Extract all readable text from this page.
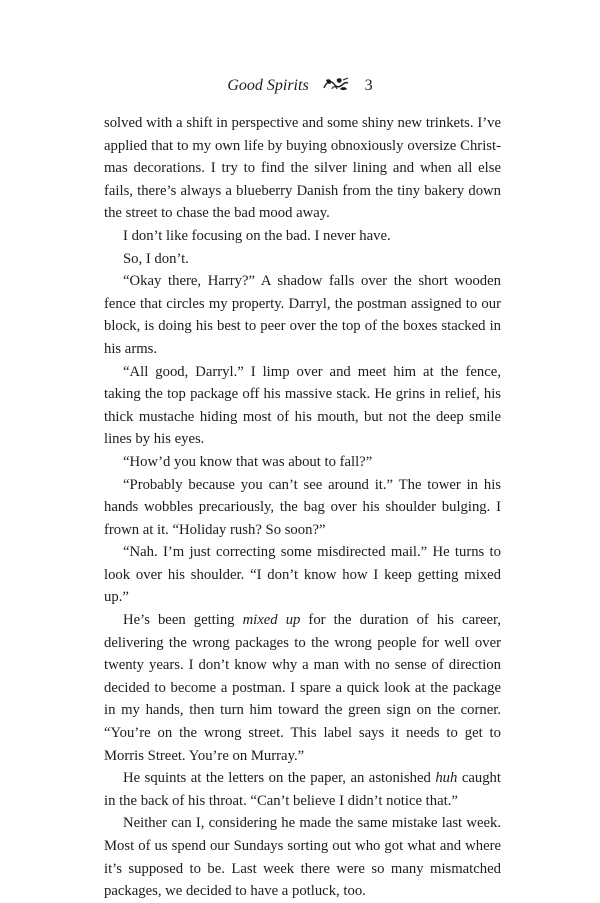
Good Spirits	3

solved with a shift in perspective and some shiny new trinkets. I’ve applied that to my own life by buying obnoxiously oversize Christmas decorations. I try to find the silver lining and when all else fails, there’s always a blueberry Danish from the tiny bakery down the street to chase the bad mood away.

I don’t like focusing on the bad. I never have.

So, I don’t.

“Okay there, Harry?” A shadow falls over the short wooden fence that circles my property. Darryl, the postman assigned to our block, is doing his best to peer over the top of the boxes stacked in his arms.

“All good, Darryl.” I limp over and meet him at the fence, taking the top package off his massive stack. He grins in relief, his thick mustache hiding most of his mouth, but not the deep smile lines by his eyes.

“How’d you know that was about to fall?”

“Probably because you can’t see around it.” The tower in his hands wobbles precariously, the bag over his shoulder bulging. I frown at it. “Holiday rush? So soon?”

“Nah. I’m just correcting some misdirected mail.” He turns to look over his shoulder. “I don’t know how I keep getting mixed up.”

He’s been getting mixed up for the duration of his career, delivering the wrong packages to the wrong people for well over twenty years. I don’t know why a man with no sense of direction decided to become a postman. I spare a quick look at the package in my hands, then turn him toward the green sign on the corner. “You’re on the wrong street. This label says it needs to get to Morris Street. You’re on Murray.”

He squints at the letters on the paper, an astonished huh caught in the back of his throat. “Can’t believe I didn’t notice that.”

Neither can I, considering he made the same mistake last week. Most of us spend our Sundays sorting out who got what and where it’s supposed to be. Last week there were so many mismatched packages, we decided to have a potluck, too.
